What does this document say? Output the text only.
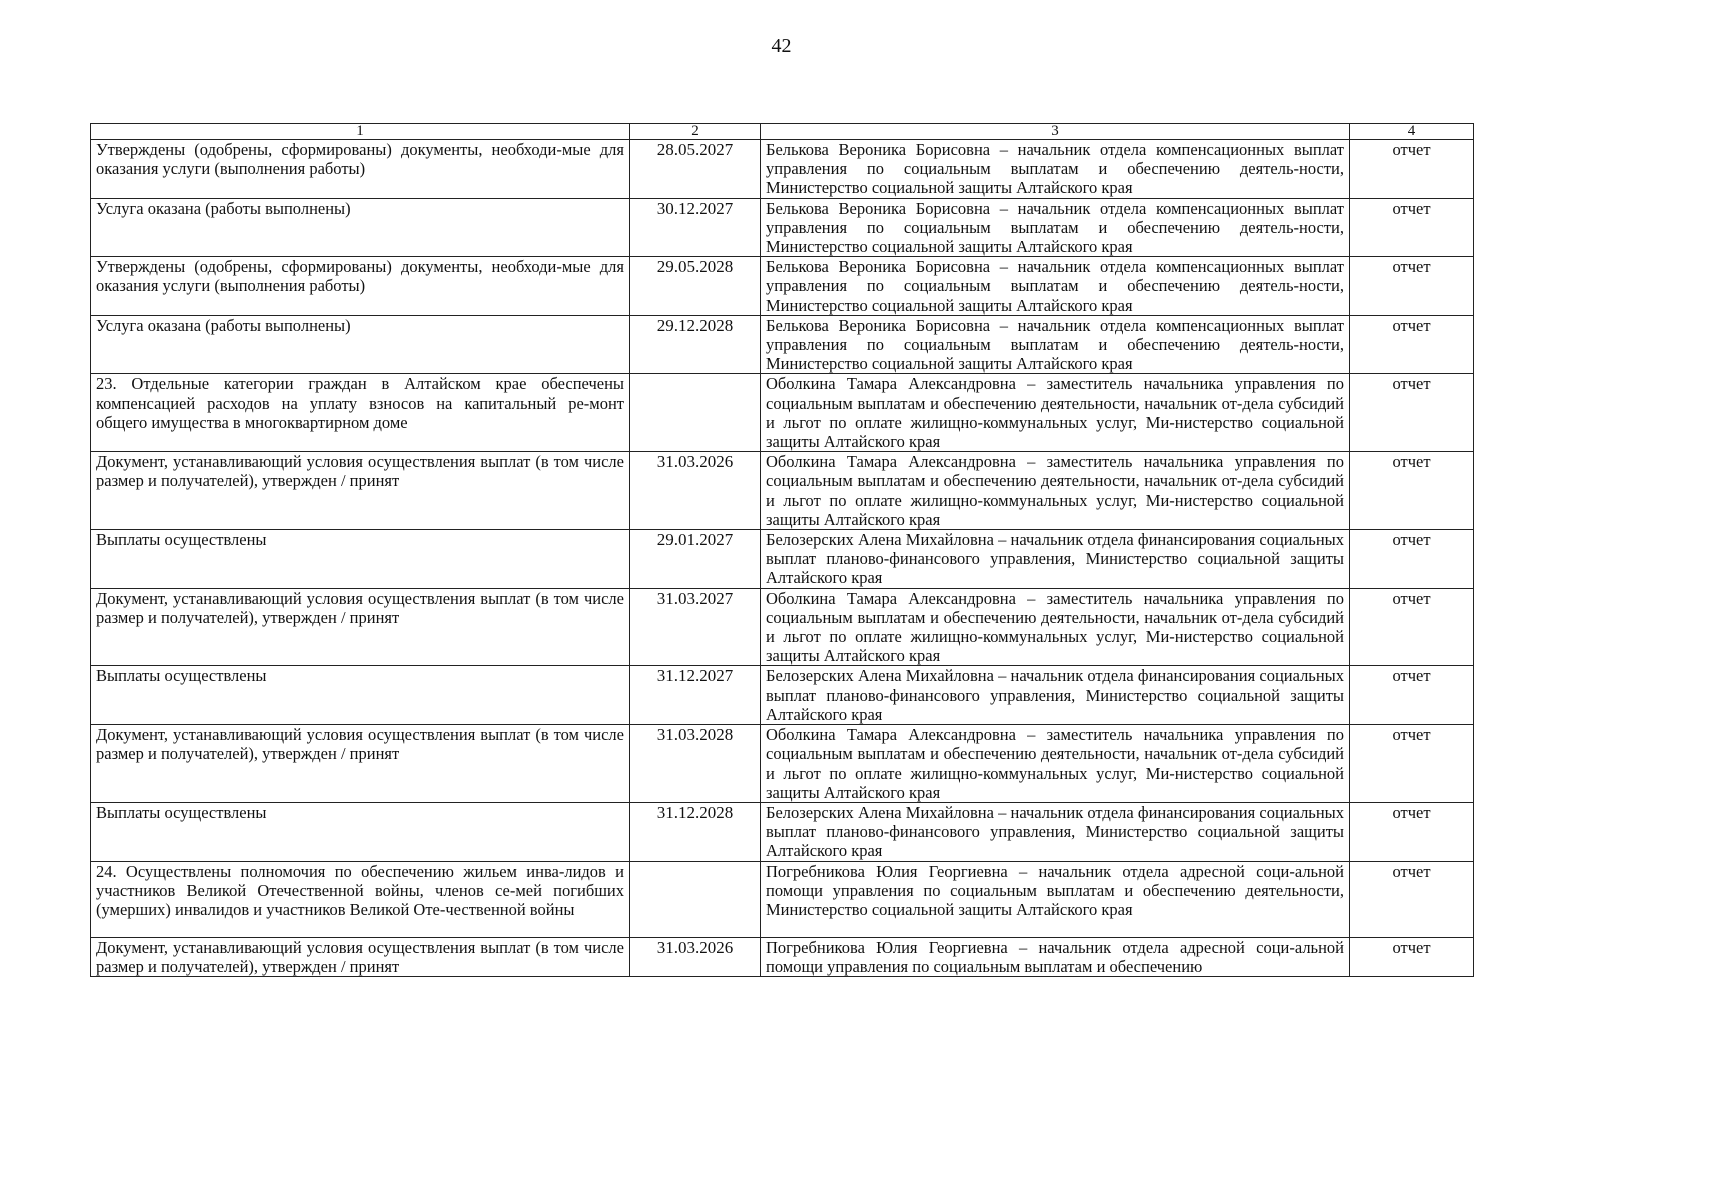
42
1	2	3	4
Утверждены (одобрены, сформированы) документы, необходи-мые для оказания услуги (выполнения работы)	28.05.2027	Белькова Вероника Борисовна – начальник отдела компенсационных выплат управления по социальным выплатам и обеспечению деятель-ности, Министерство социальной защиты Алтайского края	отчет
Услуга оказана (работы выполнены)	30.12.2027	Белькова Вероника Борисовна – начальник отдела компенсационных выплат управления по социальным выплатам и обеспечению деятель-ности, Министерство социальной защиты Алтайского края	отчет
Утверждены (одобрены, сформированы) документы, необходи-мые для оказания услуги (выполнения работы)	29.05.2028	Белькова Вероника Борисовна – начальник отдела компенсационных выплат управления по социальным выплатам и обеспечению деятель-ности, Министерство социальной защиты Алтайского края	отчет
Услуга оказана (работы выполнены)	29.12.2028	Белькова Вероника Борисовна – начальник отдела компенсационных выплат управления по социальным выплатам и обеспечению деятель-ности, Министерство социальной защиты Алтайского края	отчет
23. Отдельные категории граждан в Алтайском крае обеспечены компенсацией расходов на уплату взносов на капитальный ре-монт общего имущества в многоквартирном доме		Оболкина Тамара Александровна – заместитель начальника управления по социальным выплатам и обеспечению деятельности, начальник от-дела субсидий и льгот по оплате жилищно-коммунальных услуг, Ми-нистерство социальной защиты Алтайского края	отчет
Документ, устанавливающий условия осуществления выплат (в том числе размер и получателей), утвержден / принят	31.03.2026	Оболкина Тамара Александровна – заместитель начальника управления по социальным выплатам и обеспечению деятельности, начальник от-дела субсидий и льгот по оплате жилищно-коммунальных услуг, Ми-нистерство социальной защиты Алтайского края	отчет
Выплаты осуществлены	29.01.2027	Белозерских Алена Михайловна – начальник отдела финансирования социальных выплат планово-финансового управления, Министерство социальной защиты Алтайского края	отчет
Документ, устанавливающий условия осуществления выплат (в том числе размер и получателей), утвержден / принят	31.03.2027	Оболкина Тамара Александровна – заместитель начальника управления по социальным выплатам и обеспечению деятельности, начальник от-дела субсидий и льгот по оплате жилищно-коммунальных услуг, Ми-нистерство социальной защиты Алтайского края	отчет
Выплаты осуществлены	31.12.2027	Белозерских Алена Михайловна – начальник отдела финансирования социальных выплат планово-финансового управления, Министерство социальной защиты Алтайского края	отчет
Документ, устанавливающий условия осуществления выплат (в том числе размер и получателей), утвержден / принят	31.03.2028	Оболкина Тамара Александровна – заместитель начальника управления по социальным выплатам и обеспечению деятельности, начальник от-дела субсидий и льгот по оплате жилищно-коммунальных услуг, Ми-нистерство социальной защиты Алтайского края	отчет
Выплаты осуществлены	31.12.2028	Белозерских Алена Михайловна – начальник отдела финансирования социальных выплат планово-финансового управления, Министерство социальной защиты Алтайского края	отчет
24. Осуществлены полномочия по обеспечению жильем инва-лидов и участников Великой Отечественной войны, членов се-мей погибших (умерших) инвалидов и участников Великой Оте-чественной войны		Погребникова Юлия Георгиевна – начальник отдела адресной соци-альной помощи управления по социальным выплатам и обеспечению деятельности, Министерство социальной защиты Алтайского края	отчет
Документ, устанавливающий условия осуществления выплат (в том числе размер и получателей), утвержден / принят	31.03.2026	Погребникова Юлия Георгиевна – начальник отдела адресной соци-альной помощи управления по социальным выплатам и обеспечению	отчет
